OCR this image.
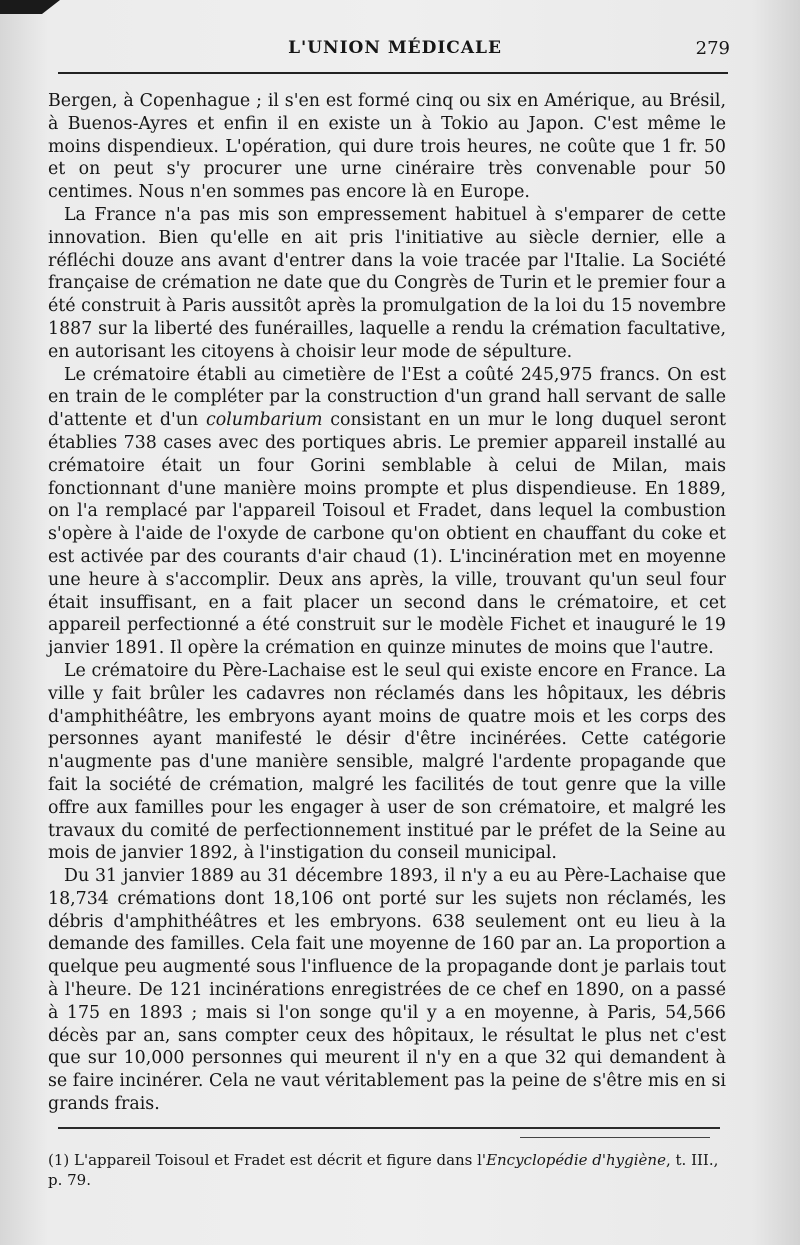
L'UNION MÉDICALE	279

Bergen, à Copenhague ; il s'en est formé cinq ou six en Amérique, au Brésil, à Buenos-Ayres et enfin il en existe un à Tokio au Japon. C'est même le moins dispendieux. L'opération, qui dure trois heures, ne coûte que 1 fr. 50 et on peut s'y procurer une urne cinéraire très convenable pour 50 centimes. Nous n'en sommes pas encore là en Europe.

La France n'a pas mis son empressement habituel à s'emparer de cette innovation. Bien qu'elle en ait pris l'initiative au siècle dernier, elle a réfléchi douze ans avant d'entrer dans la voie tracée par l'Italie. La Société française de crémation ne date que du Congrès de Turin et le premier four a été construit à Paris aussitôt après la promulgation de la loi du 15 novembre 1887 sur la liberté des funérailles, laquelle a rendu la crémation facultative, en autorisant les citoyens à choisir leur mode de sépulture.

Le crématoire établi au cimetière de l'Est a coûté 245,975 francs. On est en train de le compléter par la construction d'un grand hall servant de salle d'attente et d'un columbarium consistant en un mur le long duquel seront établies 738 cases avec des portiques abris. Le premier appareil installé au crématoire était un four Gorini semblable à celui de Milan, mais fonctionnant d'une manière moins prompte et plus dispendieuse. En 1889, on l'a remplacé par l'appareil Toisoul et Fradet, dans lequel la combustion s'opère à l'aide de l'oxyde de carbone qu'on obtient en chauffant du coke et est activée par des courants d'air chaud (1). L'incinération met en moyenne une heure à s'accomplir. Deux ans après, la ville, trouvant qu'un seul four était insuffisant, en a fait placer un second dans le crématoire, et cet appareil perfectionné a été construit sur le modèle Fichet et inauguré le 19 janvier 1891. Il opère la crémation en quinze minutes de moins que l'autre.

Le crématoire du Père-Lachaise est le seul qui existe encore en France. La ville y fait brûler les cadavres non réclamés dans les hôpitaux, les débris d'amphithéâtre, les embryons ayant moins de quatre mois et les corps des personnes ayant manifesté le désir d'être incinérées. Cette catégorie n'augmente pas d'une manière sensible, malgré l'ardente propagande que fait la société de crémation, malgré les facilités de tout genre que la ville offre aux familles pour les engager à user de son crématoire, et malgré les travaux du comité de perfectionnement institué par le préfet de la Seine au mois de janvier 1892, à l'instigation du conseil municipal.

Du 31 janvier 1889 au 31 décembre 1893, il n'y a eu au Père-Lachaise que 18,734 crémations dont 18,106 ont porté sur les sujets non réclamés, les débris d'amphithéâtres et les embryons. 638 seulement ont eu lieu à la demande des familles. Cela fait une moyenne de 160 par an. La proportion a quelque peu augmenté sous l'influence de la propagande dont je parlais tout à l'heure. De 121 incinérations enregistrées de ce chef en 1890, on a passé à 175 en 1893 ; mais si l'on songe qu'il y a en moyenne, à Paris, 54,566 décès par an, sans compter ceux des hôpitaux, le résultat le plus net c'est que sur 10,000 personnes qui meurent il n'y en a que 32 qui demandent à se faire incinérer. Cela ne vaut véritablement pas la peine de s'être mis en si grands frais.

(1) L'appareil Toisoul et Fradet est décrit et figure dans l'Encyclopédie d'hygiène, t. III., p. 79.
